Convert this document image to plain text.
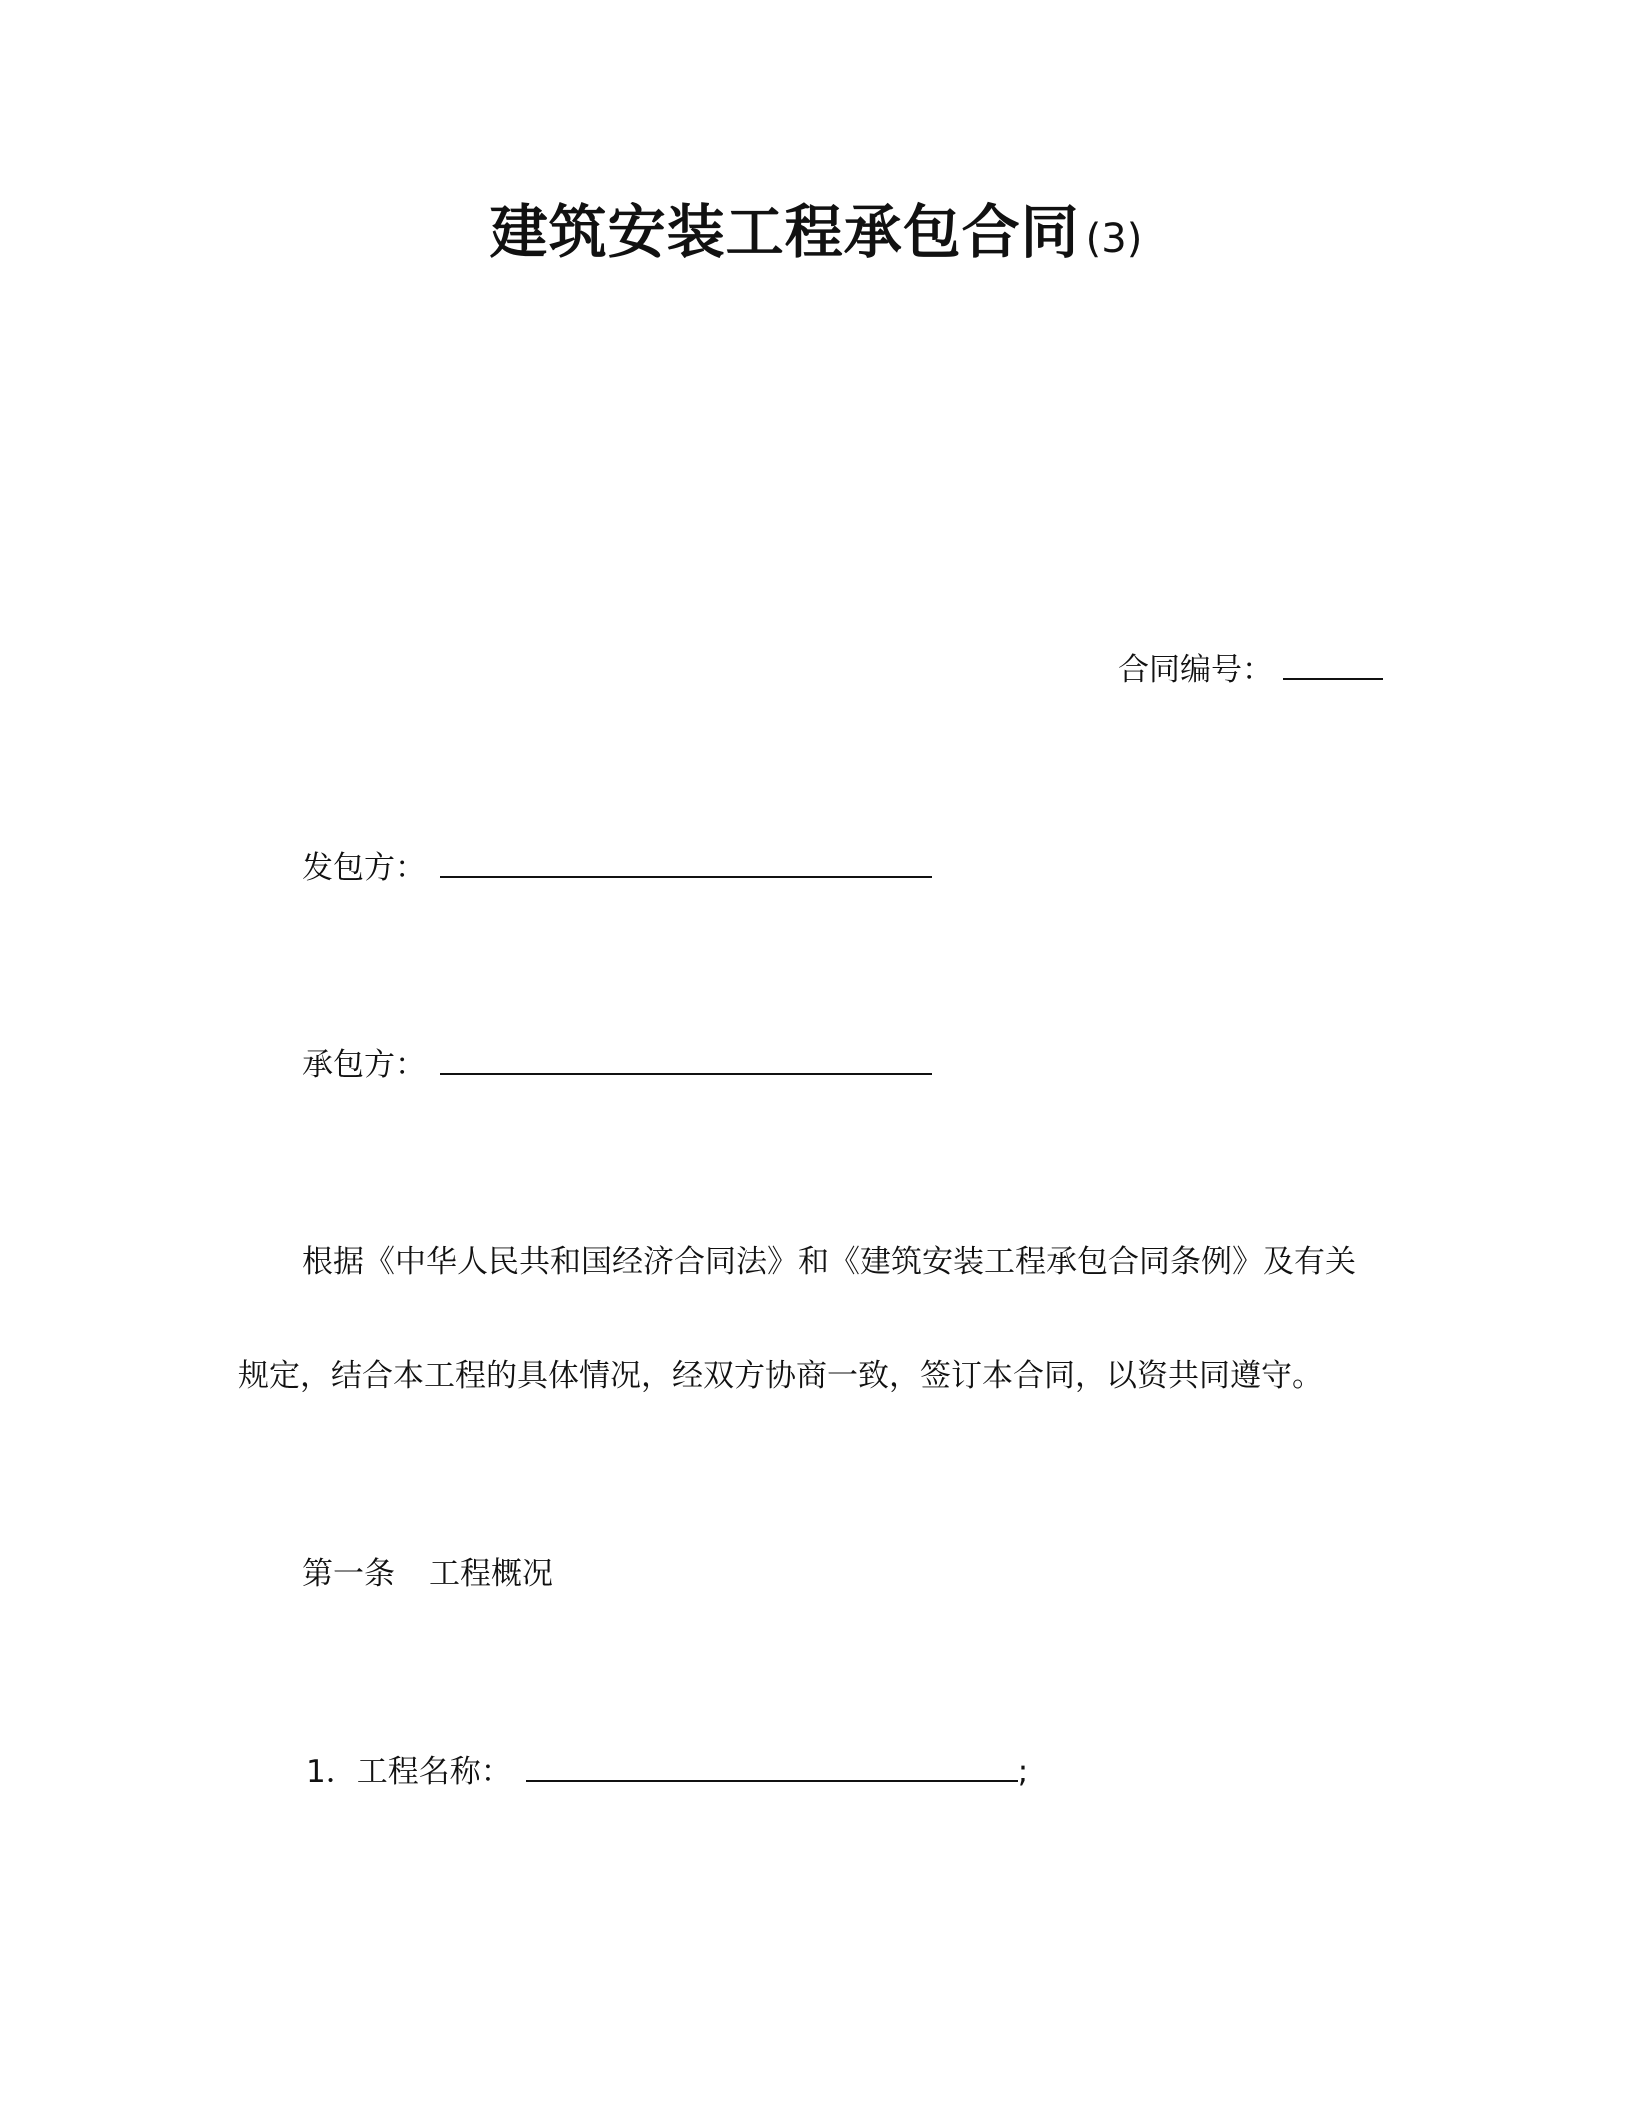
建筑安装工程承包合同 (3)
合同编号：
发包方：
承包方：
根据《中华人民共和国经济合同法》和《建筑安装工程承包合同条例》及有关
规定，结合本工程的具体情况，经双方协商一致，签订本合同，以资共同遵守。
第一条 工程概况
1．工程名称：	;
